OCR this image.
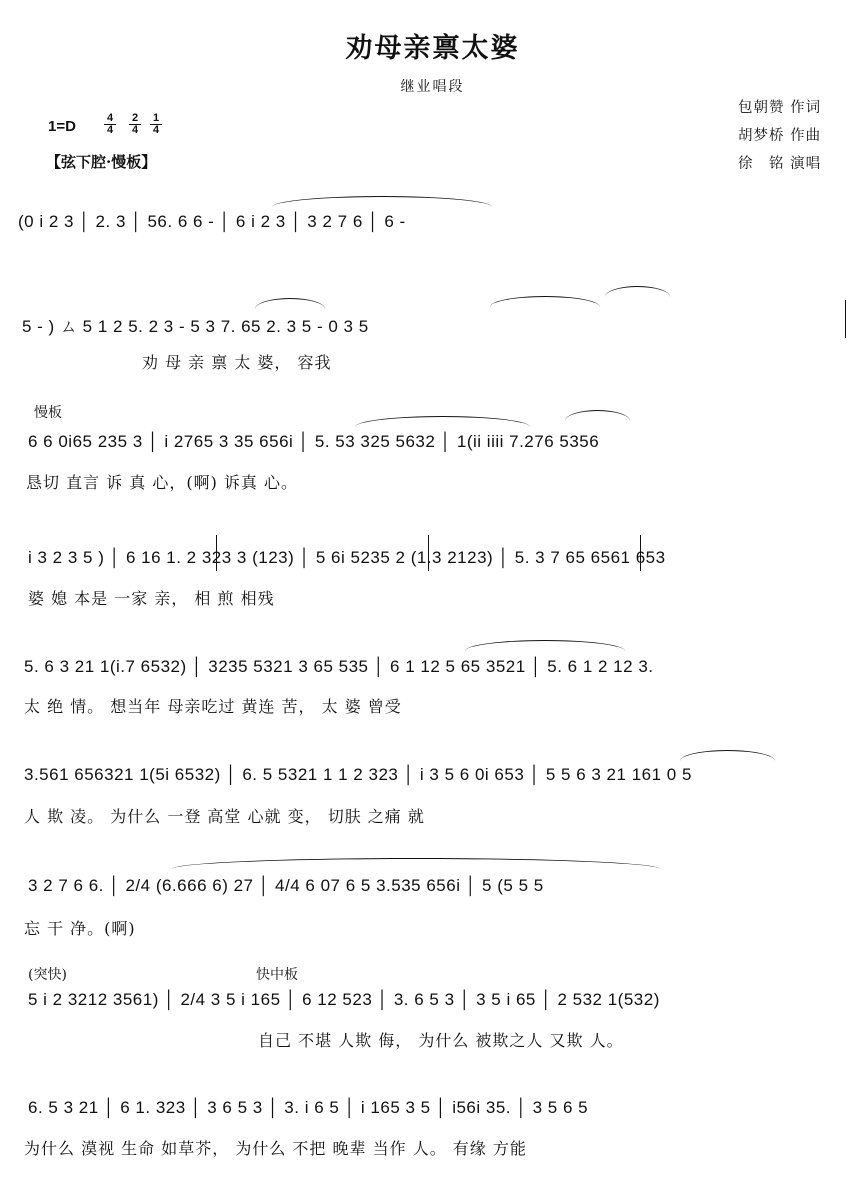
劝母亲禀太婆
继业唱段
包朝赞 作词
胡梦桥 作曲
徐　铭 演唱
1=D	4
4
2
4
1
4
【弦下腔·慢板】
(0 i 2 3 │ 2. 3 │ 56. 6 6 - │ 6 i 2 3 │ 3 2 7 6 │ 6 -
5 - ) ㄙ 5 1 2 5. 2 3 - 5 3 7. 65 2. 3 5 - 0 3 5
劝 母 亲 禀 太 婆， 容我
慢板
6 6 0i65 235 3 │ i 2765 3 35 656i │ 5. 53 325 5632 │ 1(ii iiii 7.276 5356
恳切 直言 诉 真 心，(啊) 诉真 心。
i 3 2 3 5 ) │ 6 16 1. 2 323 3 (123) │ 5 6i 5235 2 (1.3 2123) │ 5. 3 7 65 6561 653
婆 媳 本是 一家 亲， 相 煎 相残
5. 6 3 21 1(i.7 6532) │ 3235 5321 3 65 535 │ 6 1 12 5 65 3521 │ 5. 6 1 2 12 3.
太 绝 情。 想当年 母亲吃过 黄连 苦， 太 婆 曾受
3.561 656321 1(5i 6532) │ 6. 5 5321 1 1 2 323 │ i 3 5 6 0i 653 │ 5 5 6 3 21 161 0 5
人 欺 凌。 为什么 一登 高堂 心就 变， 切肤 之痛 就
3 2 7 6 6. │ 2/4 (6.666 6) 27 │ 4/4 6 07 6 5 3.535 656i │ 5 (5 5 5
忘 干 净。(啊)
(突快)	快中板
5 i 2 3212 3561) │ 2/4 3 5 i 165 │ 6 12 523 │ 3. 6 5 3 │ 3 5 i 65 │ 2 532 1(532)
自己 不堪 人欺 侮， 为什么 被欺之人 又欺 人。
6. 5 3 21 │ 6 1. 323 │ 3 6 5 3 │ 3. i 6 5 │ i 165 3 5 │ i56i 35. │ 3 5 6 5
为什么 漠视 生命 如草芥， 为什么 不把 晚辈 当作 人。 有缘 方能
